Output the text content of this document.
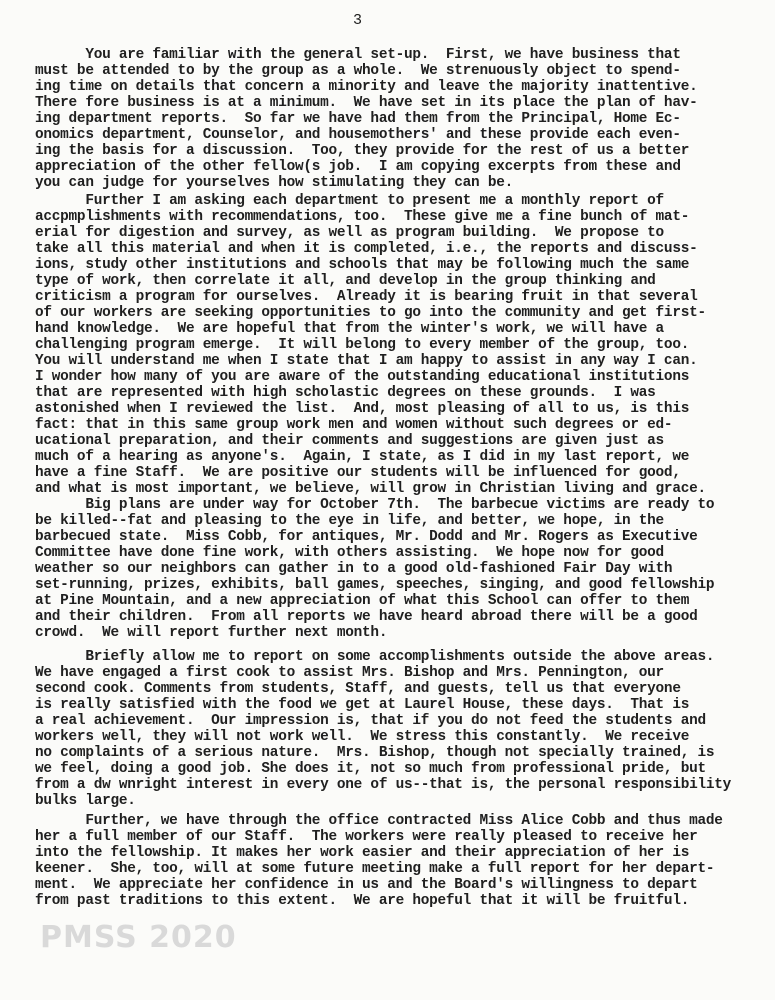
3
You are familiar with the general set-up.  First, we have business that
must be attended to by the group as a whole.  We strenuously object to spend-
ing time on details that concern a minority and leave the majority inattentive.
There fore business is at a minimum.  We have set in its place the plan of hav-
ing department reports.  So far we have had them from the Principal, Home Ec-
onomics department, Counselor, and housemothers' and these provide each even-
ing the basis for a discussion.  Too, they provide for the rest of us a better
appreciation of the other fellow(s job.  I am copying excerpts from these and
you can judge for yourselves how stimulating they can be.
Further I am asking each department to present me a monthly report of
accpmplishments with recommendations, too.  These give me a fine bunch of mat-
erial for digestion and survey, as well as program building.  We propose to
take all this material and when it is completed, i.e., the reports and discuss-
ions, study other institutions and schools that may be following much the same
type of work, then correlate it all, and develop in the group thinking and
criticism a program for ourselves.  Already it is bearing fruit in that several
of our workers are seeking opportunities to go into the community and get first-
hand knowledge.  We are hopeful that from the winter's work, we will have a
challenging program emerge.  It will belong to every member of the group, too.
You will understand me when I state that I am happy to assist in any way I can.
I wonder how many of you are aware of the outstanding educational institutions
that are represented with high scholastic degrees on these grounds.  I was
astonished when I reviewed the list.  And, most pleasing of all to us, is this
fact: that in this same group work men and women without such degrees or ed-
ucational preparation, and their comments and suggestions are given just as
much of a hearing as anyone's.  Again, I state, as I did in my last report, we
have a fine Staff.  We are positive our students will be influenced for good,
and what is most important, we believe, will grow in Christian living and grace.
Big plans are under way for October 7th.  The barbecue victims are ready to
be killed--fat and pleasing to the eye in life, and better, we hope, in the
barbecued state.  Miss Cobb, for antiques, Mr. Dodd and Mr. Rogers as Executive
Committee have done fine work, with others assisting.  We hope now for good
weather so our neighbors can gather in to a good old-fashioned Fair Day with
set-running, prizes, exhibits, ball games, speeches, singing, and good fellowship
at Pine Mountain, and a new appreciation of what this School can offer to them
and their children.  From all reports we have heard abroad there will be a good
crowd.  We will report further next month.
Briefly allow me to report on some accomplishments outside the above areas.
We have engaged a first cook to assist Mrs. Bishop and Mrs. Pennington, our
second cook. Comments from students, Staff, and guests, tell us that everyone
is really satisfied with the food we get at Laurel House, these days.  That is
a real achievement.  Our impression is, that if you do not feed the students and
workers well, they will not work well.  We stress this constantly.  We receive
no complaints of a serious nature.  Mrs. Bishop, though not specially trained, is
we feel, doing a good job. She does it, not so much from professional pride, but
from a dw wnright interest in every one of us--that is, the personal responsibility
bulks large.
Further, we have through the office contracted Miss Alice Cobb and thus made
her a full member of our Staff.  The workers were really pleased to receive her
into the fellowship. It makes her work easier and their appreciation of her is
keener.  She, too, will at some future meeting make a full report for her depart-
ment.  We appreciate her confidence in us and the Board's willingness to depart
from past traditions to this extent.  We are hopeful that it will be fruitful.
PMSS 2020
